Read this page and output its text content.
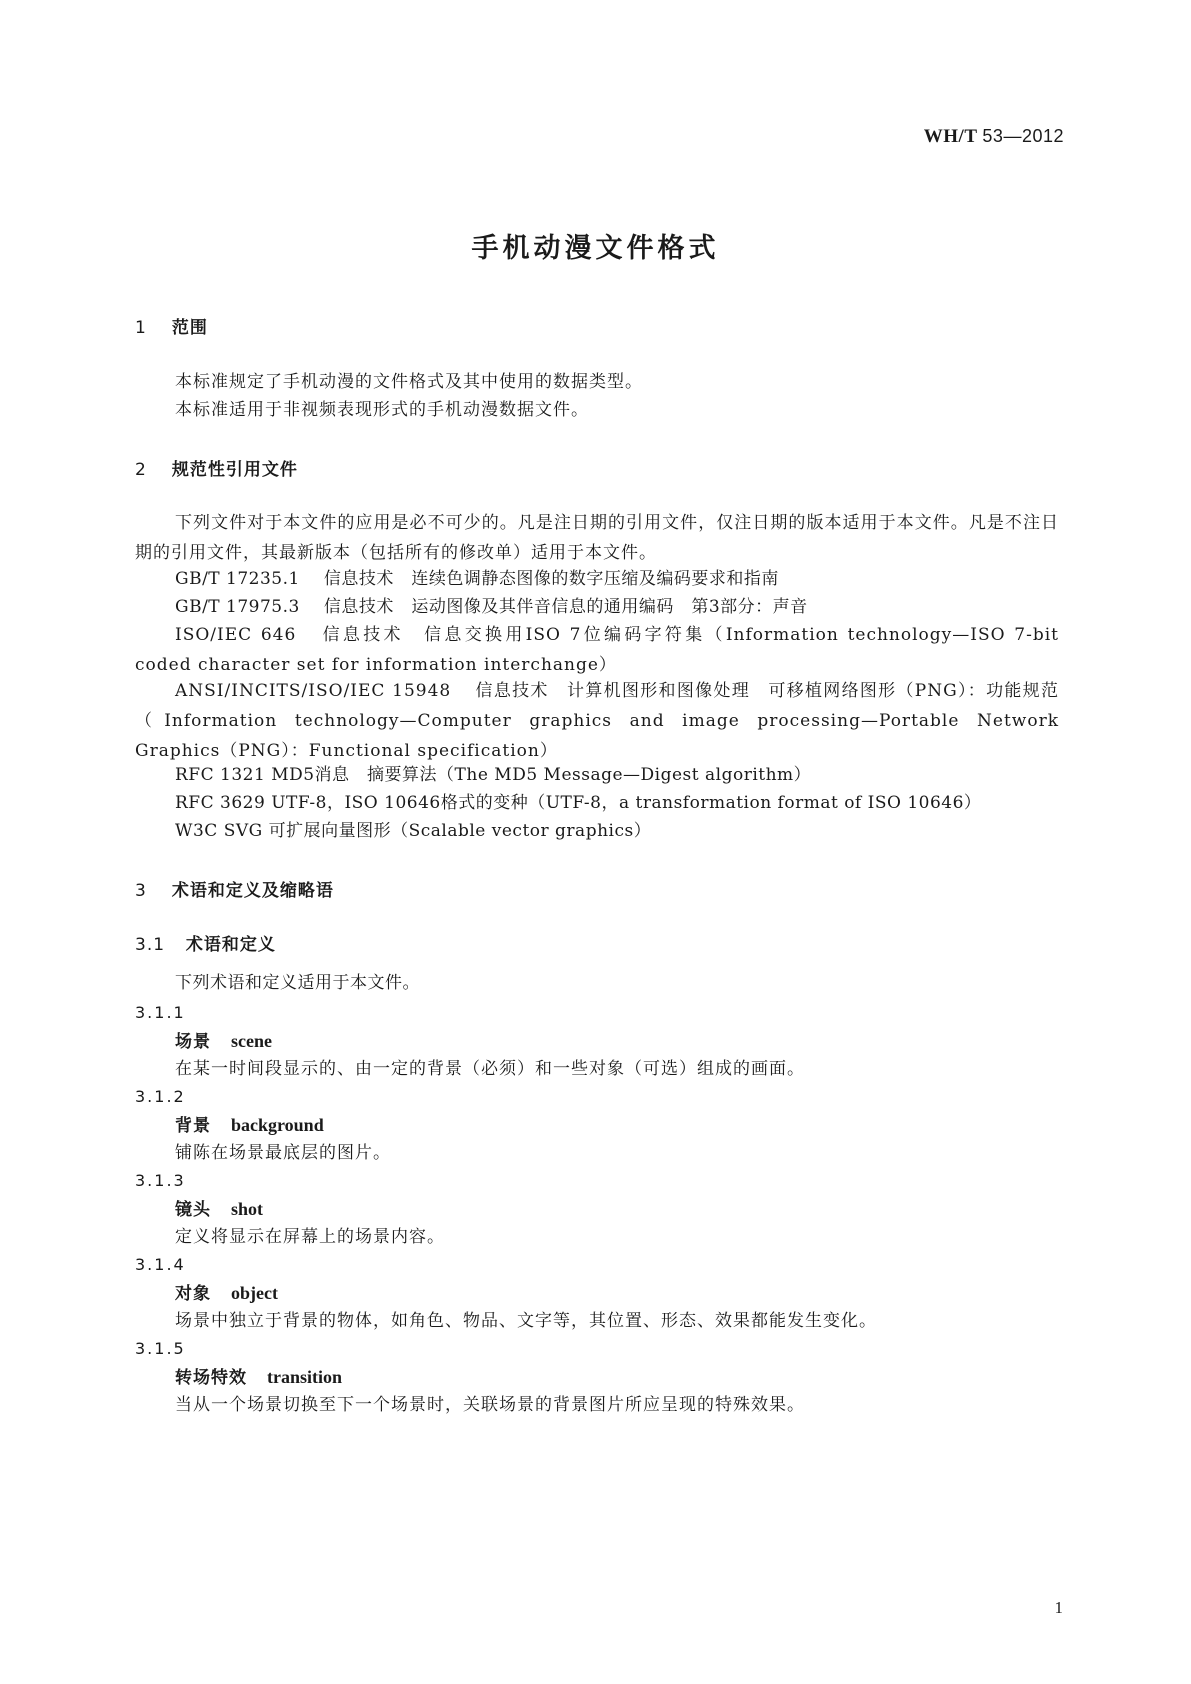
WH/T 53—2012
手机动漫文件格式
1 范围
本标准规定了手机动漫的文件格式及其中使用的数据类型。
本标准适用于非视频表现形式的手机动漫数据文件。
2 规范性引用文件
下列文件对于本文件的应用是必不可少的。凡是注日期的引用文件，仅注日期的版本适用于本文件。凡是不注日期的引用文件，其最新版本（包括所有的修改单）适用于本文件。
GB/T 17235.1 信息技术　连续色调静态图像的数字压缩及编码要求和指南
GB/T 17975.3 信息技术　运动图像及其伴音信息的通用编码　第3部分：声音
ISO/IEC 646 信息技术　信息交换用ISO 7位编码字符集（Information technology—ISO 7-bit coded character set for information interchange）
ANSI/INCITS/ISO/IEC 15948 信息技术　计算机图形和图像处理　可移植网络图形（PNG）：功能规范（Information technology—Computer graphics and image processing—Portable Network Graphics（PNG）：Functional specification）
RFC 1321 MD5消息　摘要算法（The MD5 Message—Digest algorithm）
RFC 3629 UTF-8，ISO 10646格式的变种（UTF-8，a transformation format of ISO 10646）
W3C SVG 可扩展向量图形（Scalable vector graphics）
3 术语和定义及缩略语
3.1 术语和定义
下列术语和定义适用于本文件。
3.1.1
场景 scene
在某一时间段显示的、由一定的背景（必须）和一些对象（可选）组成的画面。
3.1.2
背景 background
铺陈在场景最底层的图片。
3.1.3
镜头 shot
定义将显示在屏幕上的场景内容。
3.1.4
对象 object
场景中独立于背景的物体，如角色、物品、文字等，其位置、形态、效果都能发生变化。
3.1.5
转场特效 transition
当从一个场景切换至下一个场景时，关联场景的背景图片所应呈现的特殊效果。
1
